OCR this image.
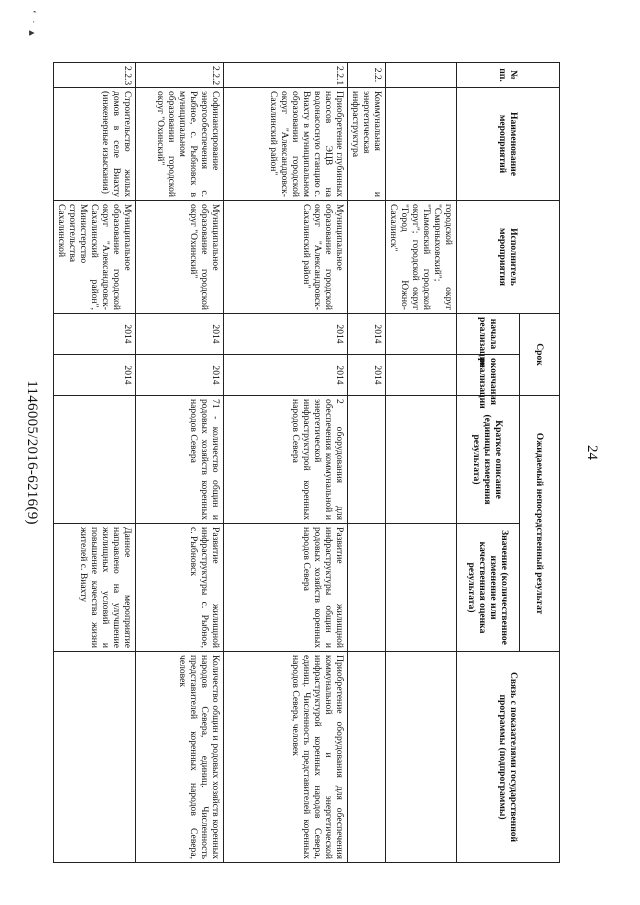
24
№ пп.	Наименование мероприятий	Исполнитель мероприятия	Срок		Ожидаемый непосредственный результат		Связь с показателями государственной программы (подпрограммы)
			начала реализации	окончания реализации	Краткое описание (единицы измерения результата)	Значение (количественное изменение или качественная оценка результата)	
		городской округ "Смирныховский"; "Тымовский городской округ"; городской округ "Город Южно-Сахалинск"					
2.2.	Коммунальная и энергетическая инфраструктура		2014	2014			
2.2.1	Приобретение глубинных насосов ЭЦВ на водонасосную станцию с. Виахту в муниципальном образовании городской округ "Александровск-Сахалинский район"	Муниципальное образование городской округ "Александровск-Сахалинский район"	2014	2014	2 оборудования для обеспечения коммунальной и энергетической инфраструктурой коренных народов Севера	Развитие жилищной инфраструктуры общин и родовых хозяйств коренных народов Севера	Приобретение оборудования для обеспечения коммунальной и энергетической инфраструктурой коренных народов Севера, единиц. Численность представителей коренных народов Севера, человек
2.2.2	Софинансирование энергообеспечения с. Рыбное, с. Рыбновск в муниципальном образовании городской округ "Охинский"	Муниципальное образование городской округ "Охинский"	2014	2014	71 - количество общин и родовых хозяйств коренных народов Севера	Развитие жилищной инфраструктуры с. Рыбное, с. Рыбновск	Количество общин и родовых хозяйств коренных народов Севера, единиц. Численность представителей коренных народов Севера, человек
2.2.3	Строительство жилых домов в селе Виахту (инженерные изыскания)	Муниципальное образование городской округ "Александровск-Сахалинский район", Министерство строительства Сахалинской	2014	2014		Данное мероприятие направлено на улучшение жилищных условий и повышение качества жизни жителей с. Виахту	
1146005/2016-6216(9)
ʻ ˑ ▴
